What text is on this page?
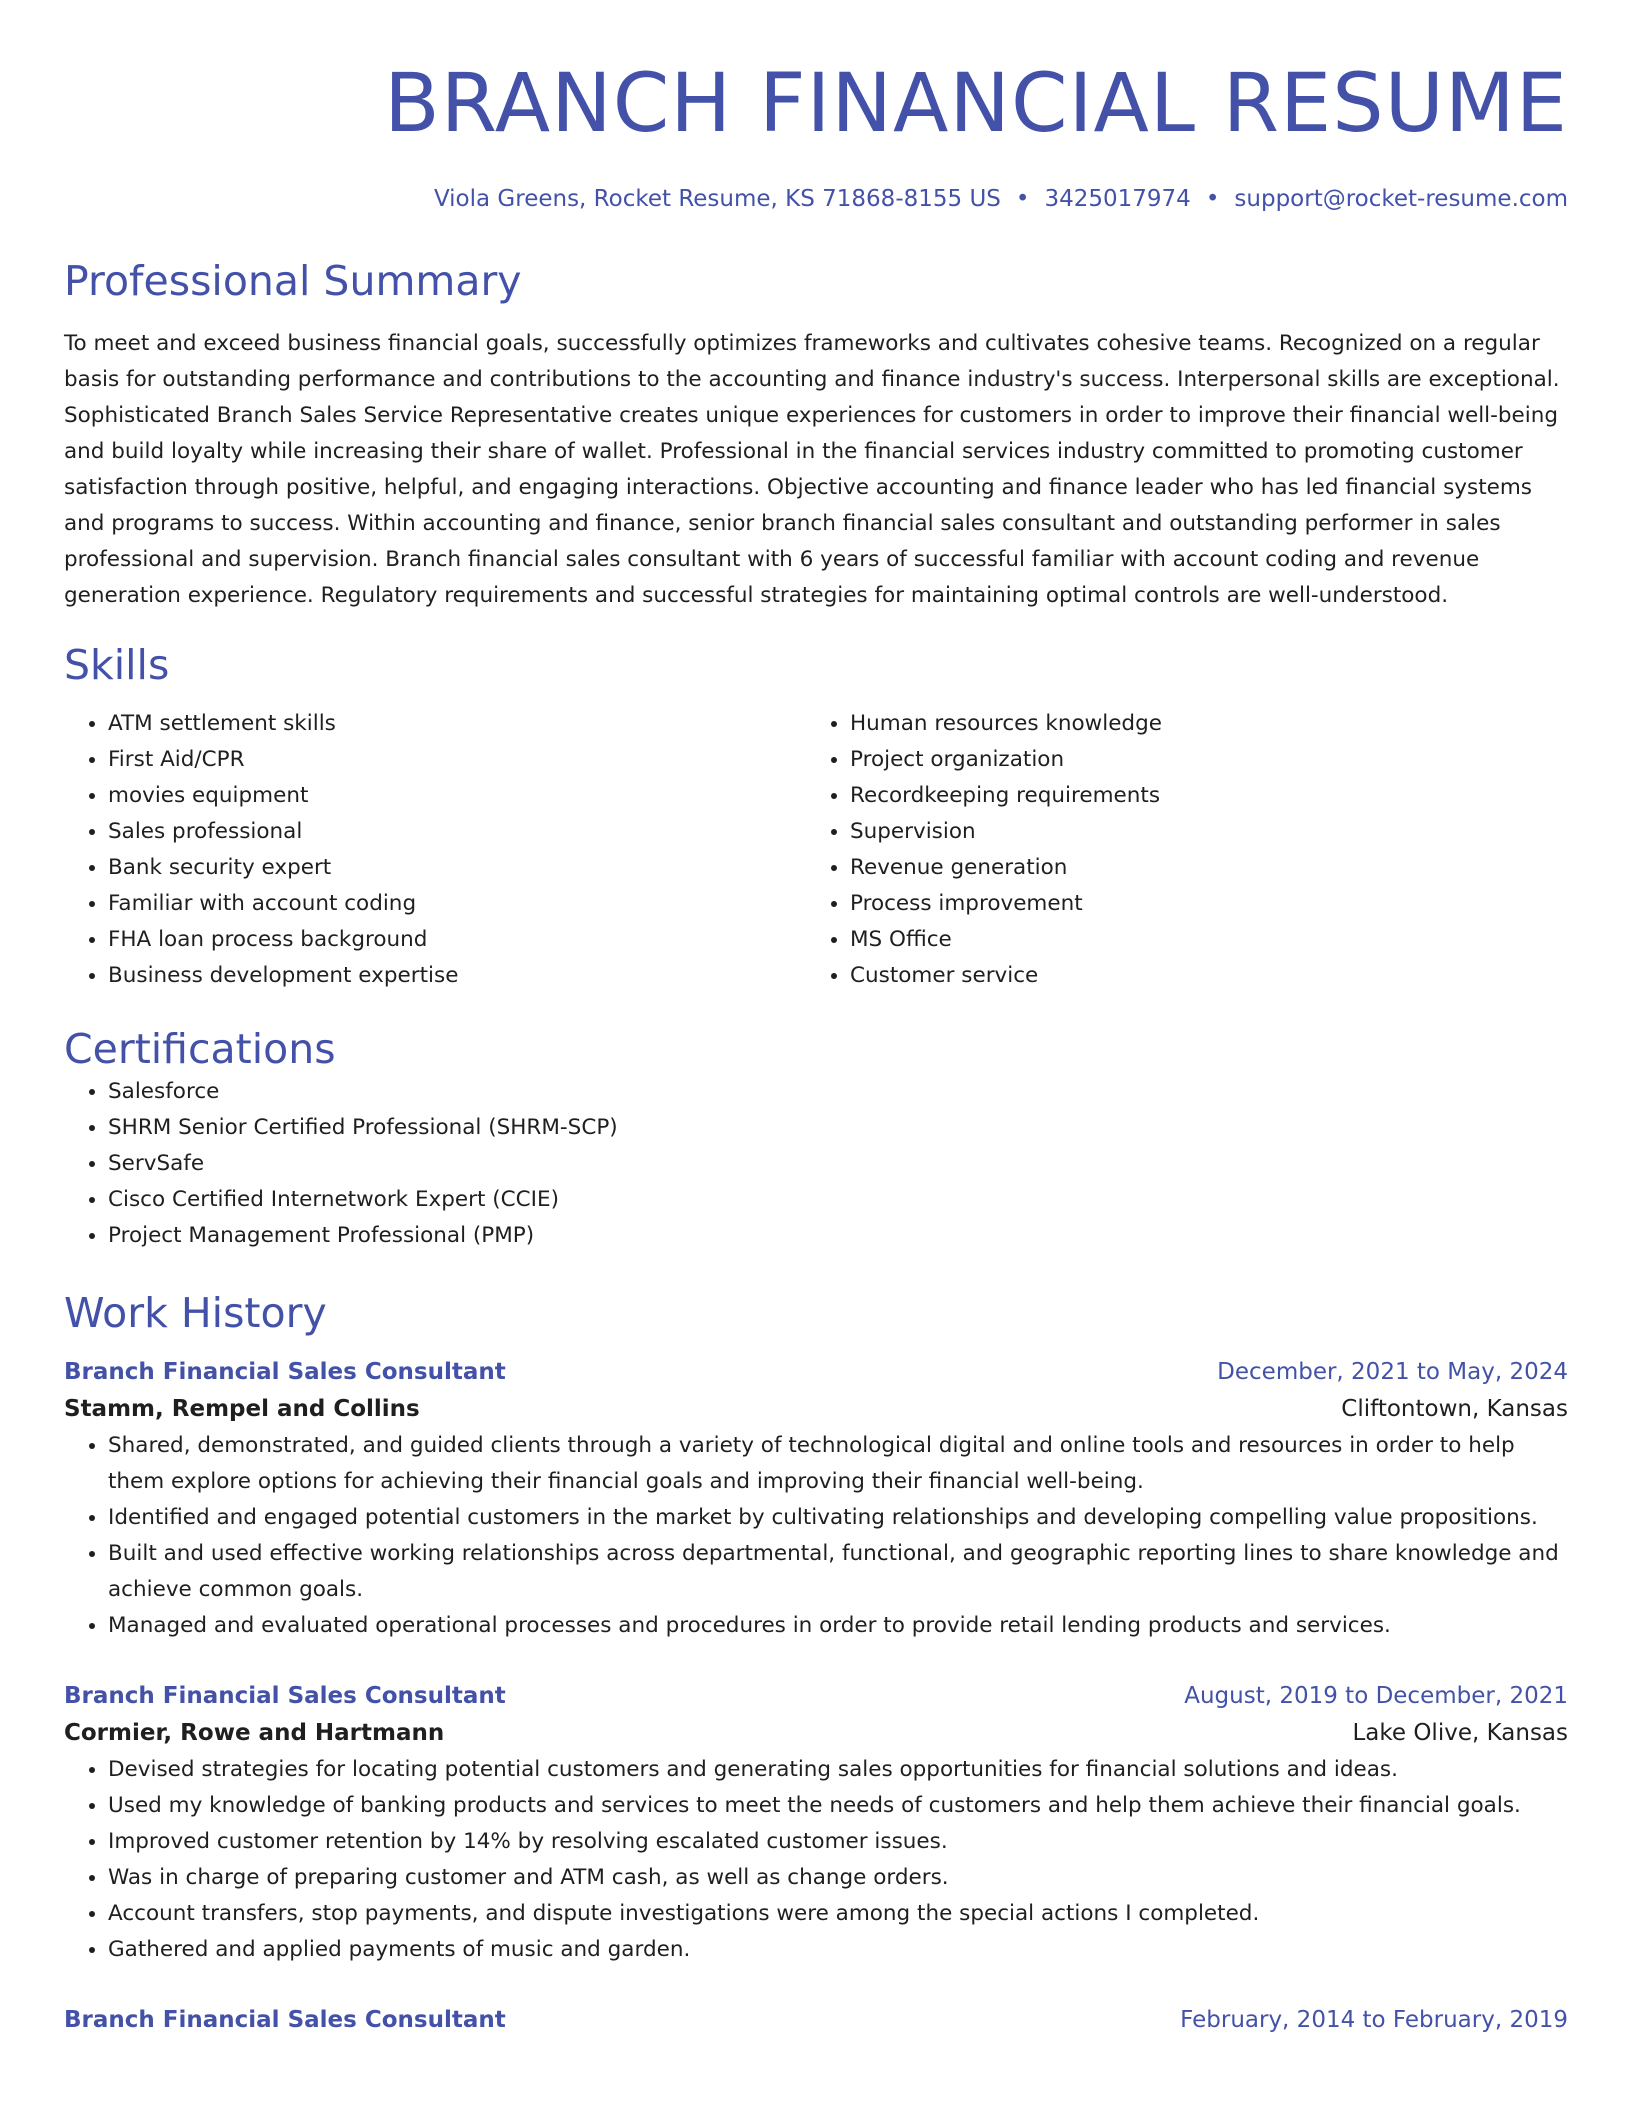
BRANCH FINANCIAL RESUME
Viola Greens, Rocket Resume, KS 71868-8155 US • 3425017974 • support@rocket-resume.com
Professional Summary

To meet and exceed business financial goals, successfully optimizes frameworks and cultivates cohesive teams. Recognized on a regular basis for outstanding performance and contributions to the accounting and finance industry's success. Interpersonal skills are exceptional. Sophisticated Branch Sales Service Representative creates unique experiences for customers in order to improve their financial well-being and build loyalty while increasing their share of wallet. Professional in the financial services industry committed to promoting customer satisfaction through positive, helpful, and engaging interactions. Objective accounting and finance leader who has led financial systems and programs to success. Within accounting and finance, senior branch financial sales consultant and outstanding performer in sales professional and supervision. Branch financial sales consultant with 6 years of successful familiar with account coding and revenue generation experience. Regulatory requirements and successful strategies for maintaining optimal controls are well-understood.

Skills
• ATM settlement skills
• First Aid/CPR
• movies equipment
• Sales professional
• Bank security expert
• Familiar with account coding
• FHA loan process background
• Business development expertise
• Human resources knowledge
• Project organization
• Recordkeeping requirements
• Supervision
• Revenue generation
• Process improvement
• MS Office
• Customer service
Certifications
• Salesforce
• SHRM Senior Certified Professional (SHRM-SCP)
• ServSafe
• Cisco Certified Internetwork Expert (CCIE)
• Project Management Professional (PMP)
Work History
Branch Financial Sales Consultant	December, 2021 to May, 2024
Stamm, Rempel and Collins	Cliftontown, Kansas
• Shared, demonstrated, and guided clients through a variety of technological digital and online tools and resources in order to help them explore options for achieving their financial goals and improving their financial well-being.
• Identified and engaged potential customers in the market by cultivating relationships and developing compelling value propositions.
• Built and used effective working relationships across departmental, functional, and geographic reporting lines to share knowledge and achieve common goals.
• Managed and evaluated operational processes and procedures in order to provide retail lending products and services.
Branch Financial Sales Consultant	August, 2019 to December, 2021
Cormier, Rowe and Hartmann	Lake Olive, Kansas
• Devised strategies for locating potential customers and generating sales opportunities for financial solutions and ideas.
• Used my knowledge of banking products and services to meet the needs of customers and help them achieve their financial goals.
• Improved customer retention by 14% by resolving escalated customer issues.
• Was in charge of preparing customer and ATM cash, as well as change orders.
• Account transfers, stop payments, and dispute investigations were among the special actions I completed.
• Gathered and applied payments of music and garden.
Branch Financial Sales Consultant	February, 2014 to February, 2019
